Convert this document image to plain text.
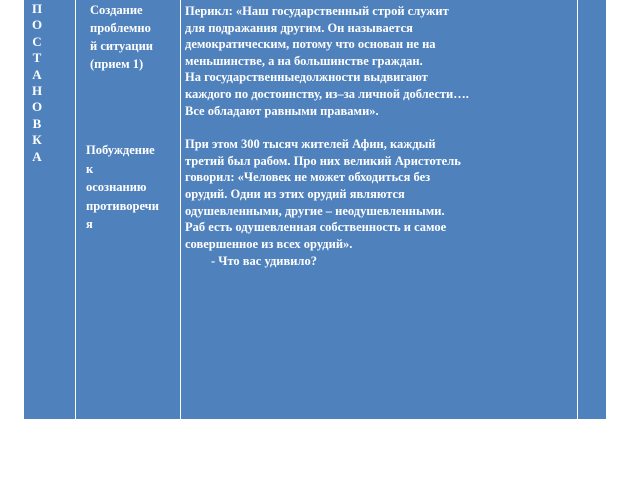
П
О
С
Т
А
Н
О
В
К
А
Создание
проблемно
й ситуации
(прием 1)
Побуждение
к
осознанию
противоречи
я
Перикл: «Наш государственный строй служит
для подражания другим. Он называется
демократическим, потому что основан не на
меньшинстве, а на большинстве граждан.
На государственныедолжности выдвигают
каждого по достоинству, из–за личной доблести….
Все обладают равными правами».
При этом 300 тысяч жителей Афин, каждый
третий был рабом. Про них великий Аристотель
говорил: «Человек не может обходиться без
орудий. Одни из этих орудий являются
одушевленными, другие – неодушевленными.
Раб есть одушевленная собственность и самое
совершенное из всех орудий».
- Что вас удивило?
